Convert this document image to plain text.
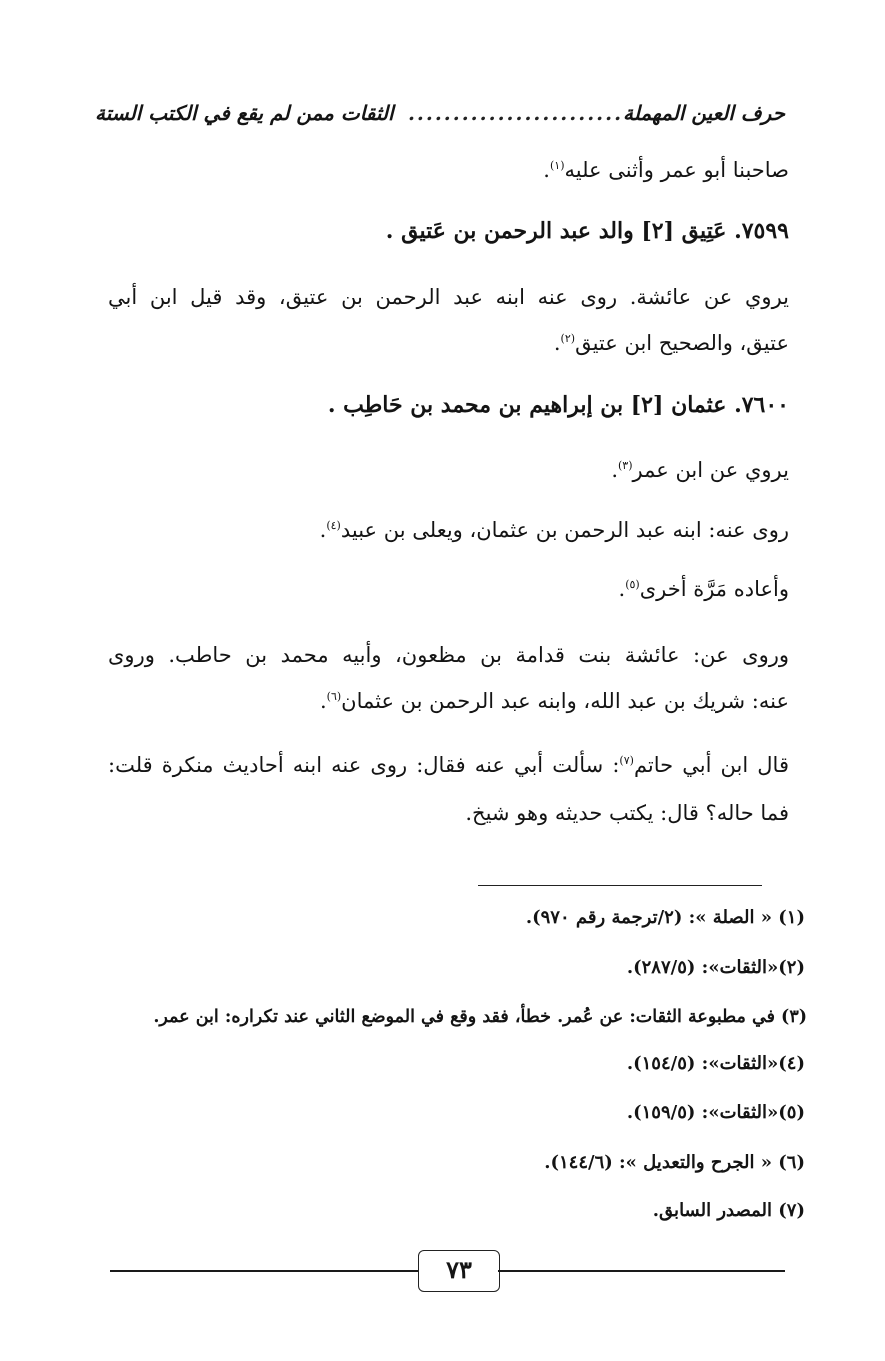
حرف العين المهملة
........................
الثقات ممن لم يقع في الكتب الستة
صاحبنا أبو عمر وأثنى عليه$^{(١)}$.
٧٥٩٩. عَتِيق [٢] والد عبد الرحمن بن عَتيق .
يروي عن عائشة. روى عنه ابنه عبد الرحمن بن عتيق، وقد قيل ابن أبي
عتيق، والصحيح ابن عتيق$^{(٢)}$.
٧٦٠٠. عثمان [٢] بن إبراهيم بن محمد بن حَاطِب .
يروي عن ابن عمر$^{(٣)}$.
روى عنه: ابنه عبد الرحمن بن عثمان، ويعلى بن عبيد$^{(٤)}$.
وأعاده مَرَّة أخرى$^{(٥)}$.
وروى عن: عائشة بنت قدامة بن مظعون، وأبيه محمد بن حاطب. وروى
عنه: شريك بن عبد الله، وابنه عبد الرحمن بن عثمان$^{(٦)}$.
قال ابن أبي حاتم$^{(٧)}$: سألت أبي عنه فقال: روى عنه ابنه أحاديث منكرة قلت:
فما حاله؟ قال: يكتب حديثه وهو شيخ.
(١) « الصلة »: (٢/ترجمة رقم ٩٧٠).
(٢)«الثقات»: (٢٨٧/٥).
(٣) في مطبوعة الثقات: عن عُمر. خطأ، فقد وقع في الموضع الثاني عند تكراره: ابن عمر.
(٤)«الثقات»: (١٥٤/٥).
(٥)«الثقات»: (١٥٩/٥).
(٦) « الجرح والتعديل »: (١٤٤/٦).
(٧) المصدر السابق.
٧٣
